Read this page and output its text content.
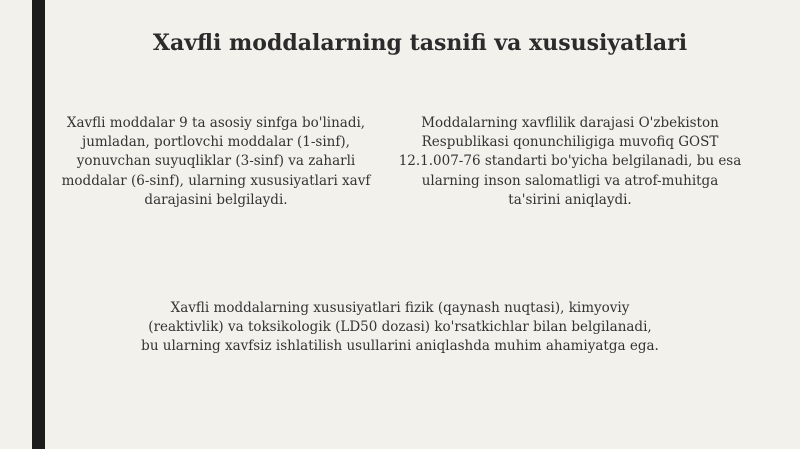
Xavfli moddalarning tasnifi va xususiyatlari

Xavfli moddalar 9 ta asosiy sinfga bo'linadi, jumladan, portlovchi moddalar (1-sinf), yonuvchan suyuqliklar (3-sinf) va zaharli moddalar (6-sinf), ularning xususiyatlari xavf darajasini belgilaydi.

Moddalarning xavflilik darajasi O'zbekiston Respublikasi qonunchiligiga muvofiq GOST 12.1.007-76 standarti bo'yicha belgilanadi, bu esa ularning inson salomatligi va atrof-muhitga ta'sirini aniqlaydi.

Xavfli moddalarning xususiyatlari fizik (qaynash nuqtasi), kimyoviy (reaktivlik) va toksikologik (LD50 dozasi) ko'rsatkichlar bilan belgilanadi, bu ularning xavfsiz ishlatilish usullarini aniqlashda muhim ahamiyatga ega.
